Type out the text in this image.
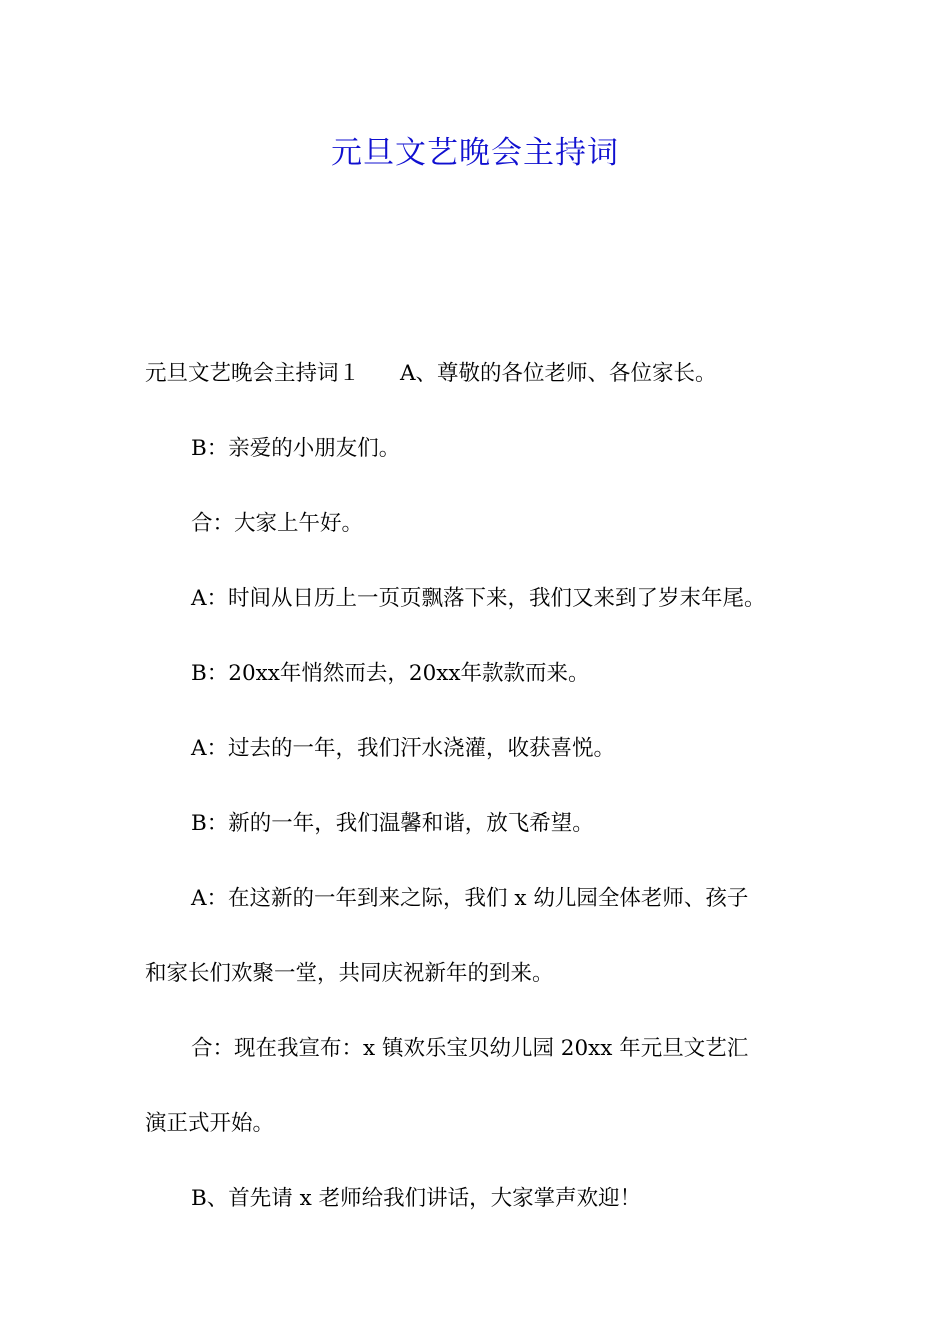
元旦文艺晚会主持词

元旦文艺晚会主持词１ A、尊敬的各位老师、各位家长。

B：亲爱的小朋友们。

合：大家上午好。

A：时间从日历上一页页飘落下来，我们又来到了岁末年尾。

B：20xx年悄然而去，20xx年款款而来。

A：过去的一年，我们汗水浇灌，收获喜悦。

B：新的一年，我们温馨和谐，放飞希望。

A：在这新的一年到来之际，我们 x 幼儿园全体老师、孩子

和家长们欢聚一堂，共同庆祝新年的到来。

合：现在我宣布：x 镇欢乐宝贝幼儿园 20xx 年元旦文艺汇

演正式开始。

B、首先请 x 老师给我们讲话，大家掌声欢迎！
